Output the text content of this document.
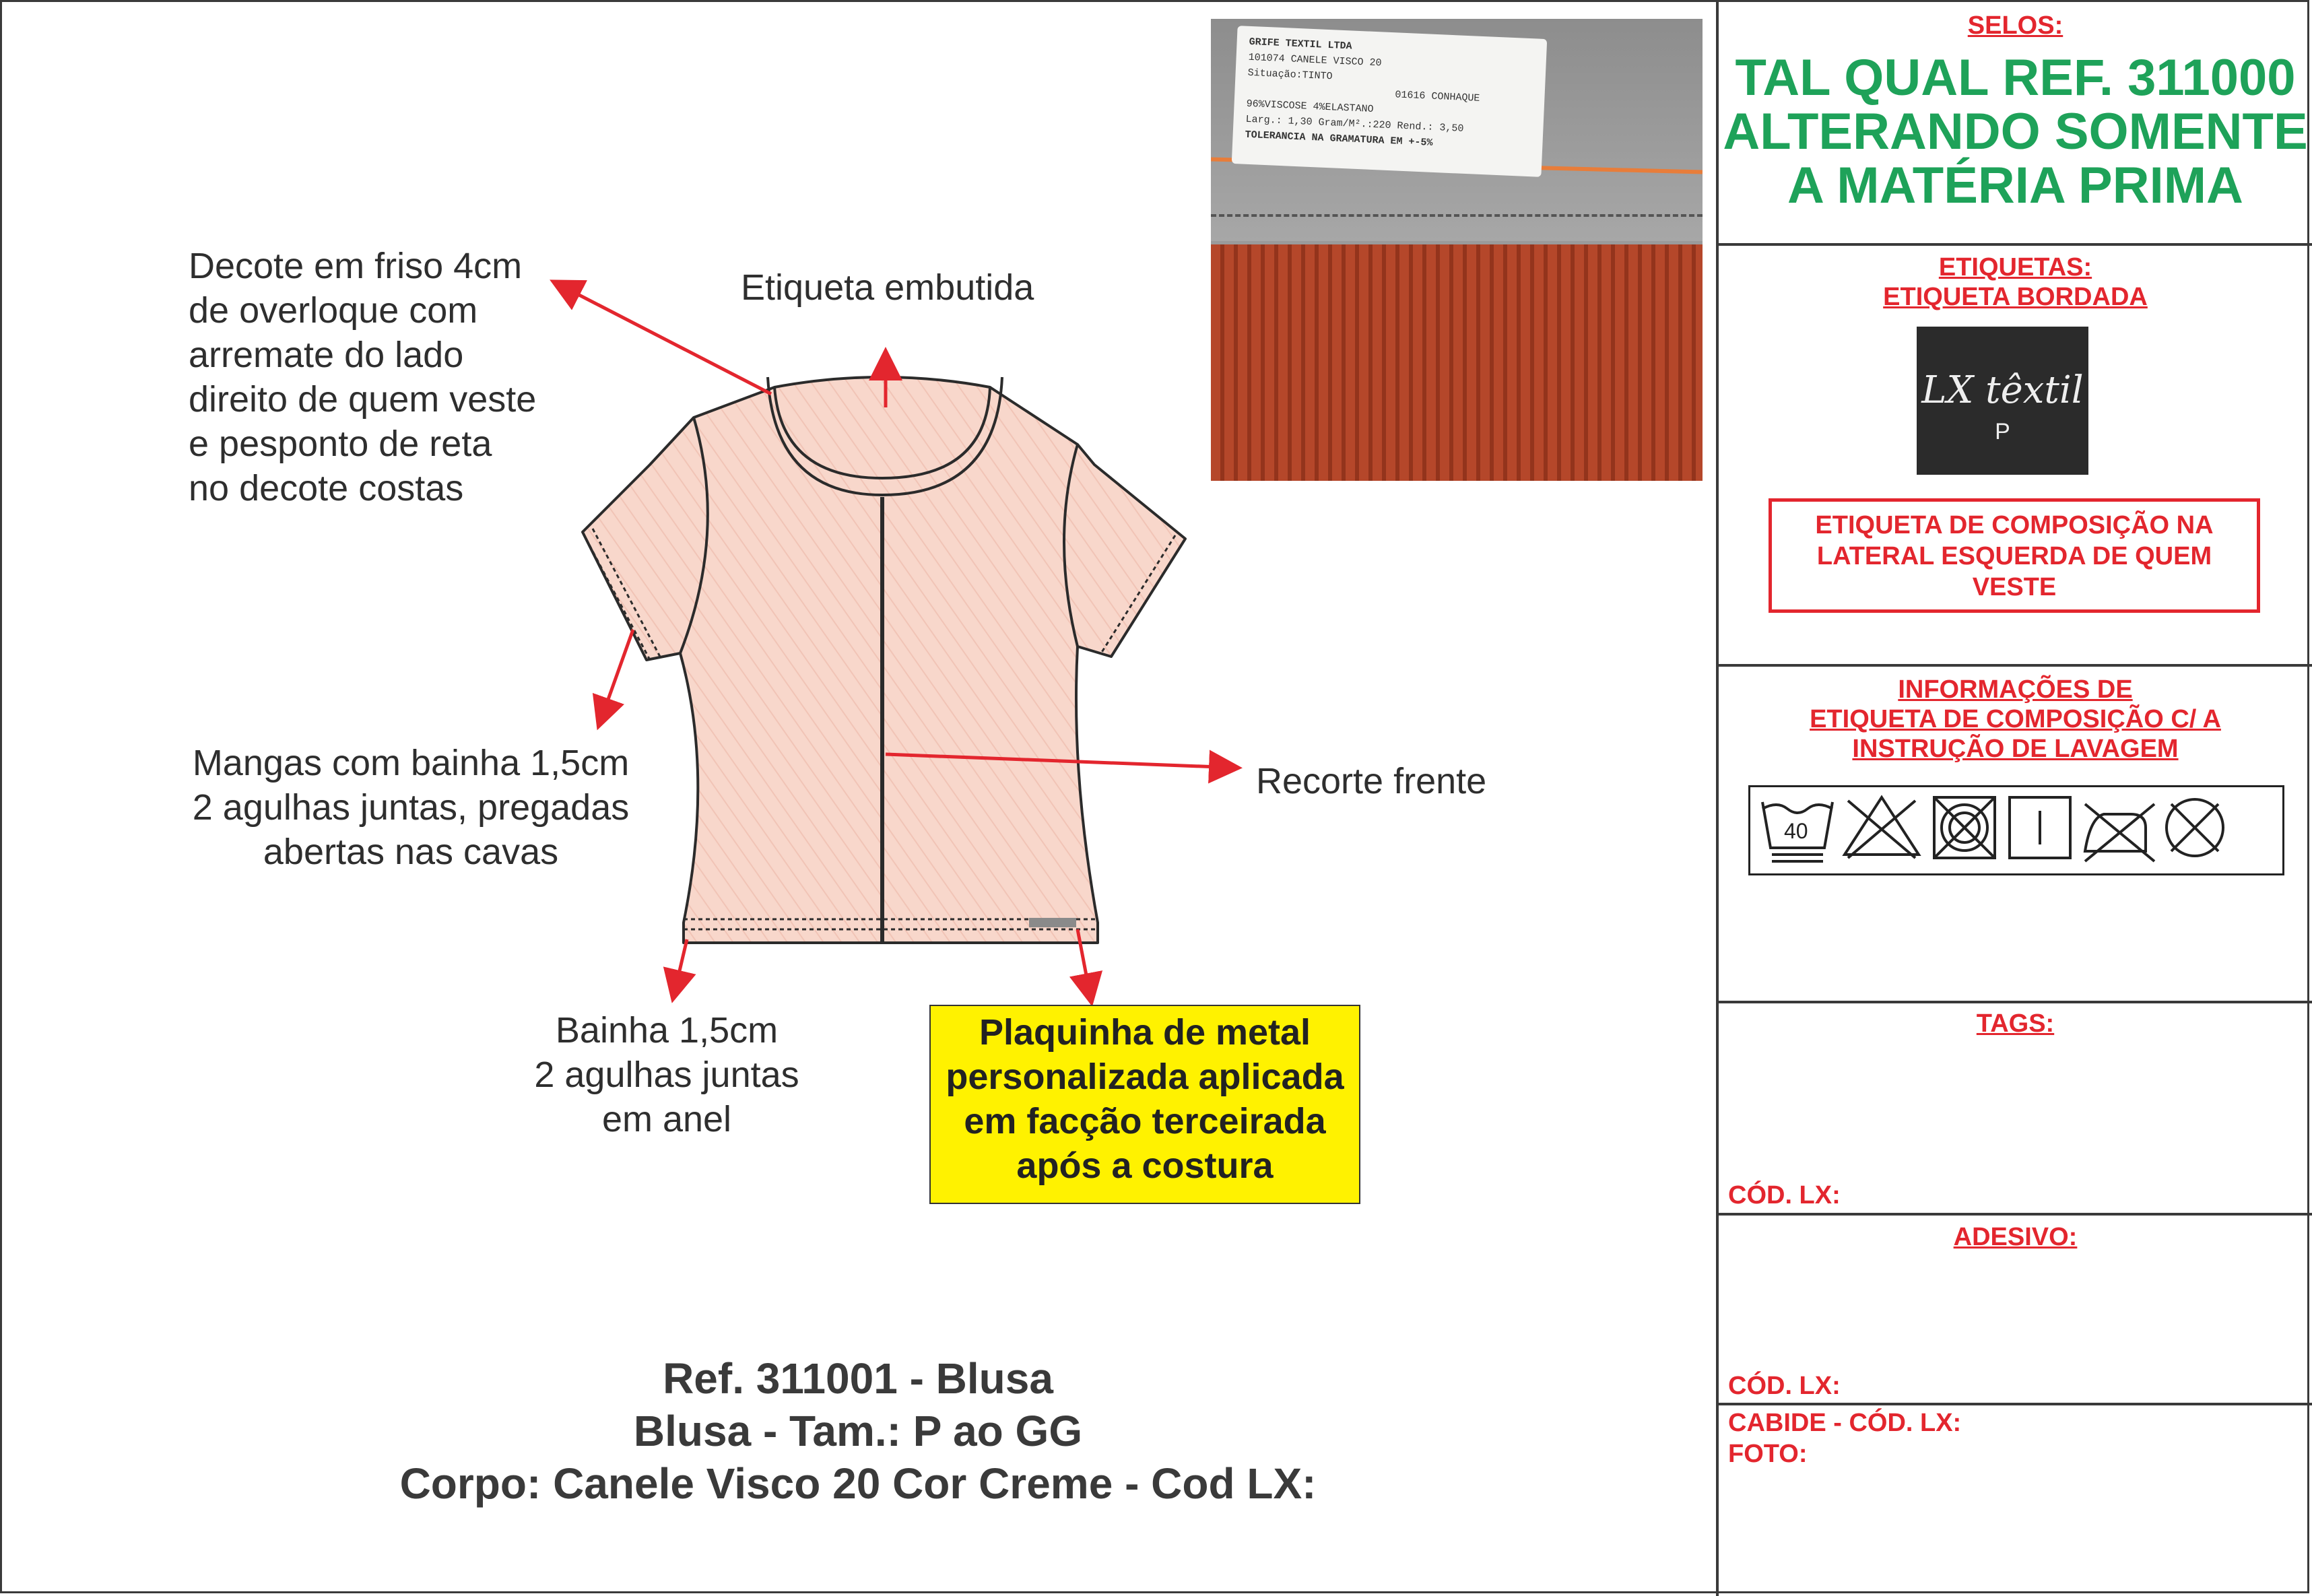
Decote em friso 4cm
de overloque com
arremate do lado
direito de quem veste
e pesponto de reta
no decote costas
Etiqueta embutida
Mangas com bainha 1,5cm
2 agulhas juntas, pregadas
abertas nas cavas
Recorte frente
Bainha 1,5cm
2 agulhas juntas
em anel
Plaquinha de metal
personalizada aplicada
em facção terceirada
após a costura
GRIFE TEXTIL LTDA
101074 CANELE VISCO 20
Situação:TINTO
01616 CONHAQUE
96%VISCOSE 4%ELASTANO
Larg.: 1,30 Gram/M².:220 Rend.: 3,50
TOLERANCIA NA GRAMATURA EM +-5%
Ref. 311001 - Blusa
Blusa - Tam.: P ao GG
Corpo: Canele Visco 20 Cor Creme - Cod LX:
SELOS:
TAL QUAL REF. 311000
ALTERANDO SOMENTE
A MATÉRIA PRIMA
ETIQUETAS:
ETIQUETA BORDADA
LX têxtil
P
ETIQUETA DE COMPOSIÇÃO NA
LATERAL ESQUERDA DE QUEM
VESTE
INFORMAÇÕES DE
ETIQUETA DE COMPOSIÇÃO C/ A
INSTRUÇÃO DE LAVAGEM
TAGS:
CÓD. LX:
ADESIVO:
CÓD. LX:
CABIDE - CÓD. LX:
FOTO:
40
